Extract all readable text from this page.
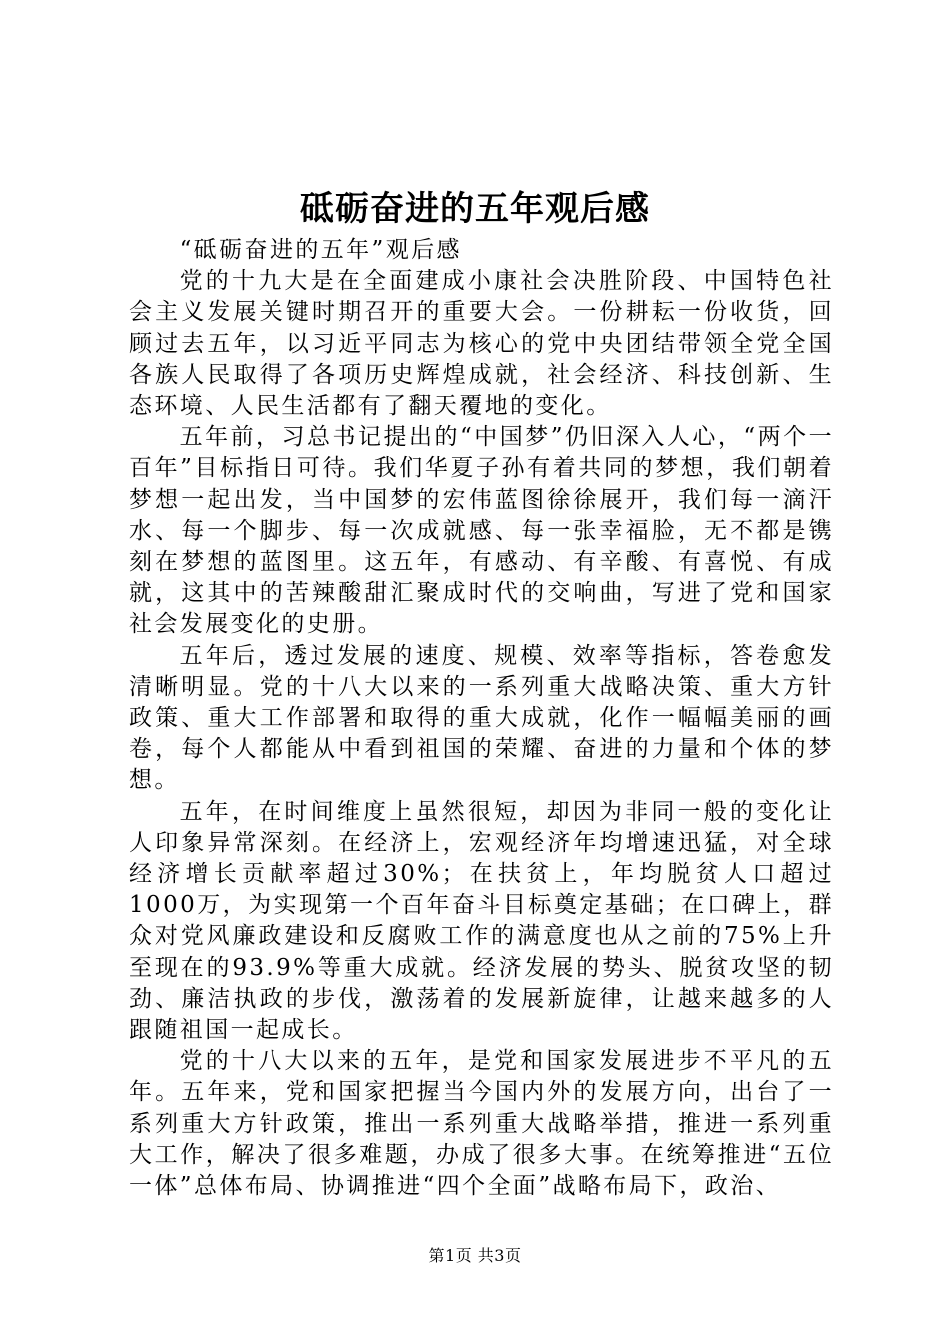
砥砺奋进的五年观后感

“砥砺奋进的五年”观后感

党的十九大是在全面建成小康社会决胜阶段、中国特色社会主义发展关键时期召开的重要大会。一份耕耘一份收货，回顾过去五年，以习近平同志为核心的党中央团结带领全党全国各族人民取得了各项历史辉煌成就，社会经济、科技创新、生态环境、人民生活都有了翻天覆地的变化。

五年前，习总书记提出的“中国梦”仍旧深入人心，“两个一百年”目标指日可待。我们华夏子孙有着共同的梦想，我们朝着梦想一起出发，当中国梦的宏伟蓝图徐徐展开，我们每一滴汗水、每一个脚步、每一次成就感、每一张幸福脸，无不都是镌刻在梦想的蓝图里。这五年，有感动、有辛酸、有喜悦、有成就，这其中的苦辣酸甜汇聚成时代的交响曲，写进了党和国家社会发展变化的史册。

五年后，透过发展的速度、规模、效率等指标，答卷愈发清晰明显。党的十八大以来的一系列重大战略决策、重大方针政策、重大工作部署和取得的重大成就，化作一幅幅美丽的画卷，每个人都能从中看到祖国的荣耀、奋进的力量和个体的梦想。

五年，在时间维度上虽然很短，却因为非同一般的变化让人印象异常深刻。在经济上，宏观经济年均增速迅猛，对全球经济增长贡献率超过30%；在扶贫上，年均脱贫人口超过1000万，为实现第一个百年奋斗目标奠定基础；在口碑上，群众对党风廉政建设和反腐败工作的满意度也从之前的75%上升至现在的93.9%等重大成就。经济发展的势头、脱贫攻坚的韧劲、廉洁执政的步伐，激荡着的发展新旋律，让越来越多的人跟随祖国一起成长。

党的十八大以来的五年，是党和国家发展进步不平凡的五年。五年来，党和国家把握当今国内外的发展方向，出台了一系列重大方针政策，推出一系列重大战略举措，推进一系列重大工作，解决了很多难题，办成了很多大事。在统筹推进“五位一体”总体布局、协调推进“四个全面”战略布局下，政治、

第1页 共3页
